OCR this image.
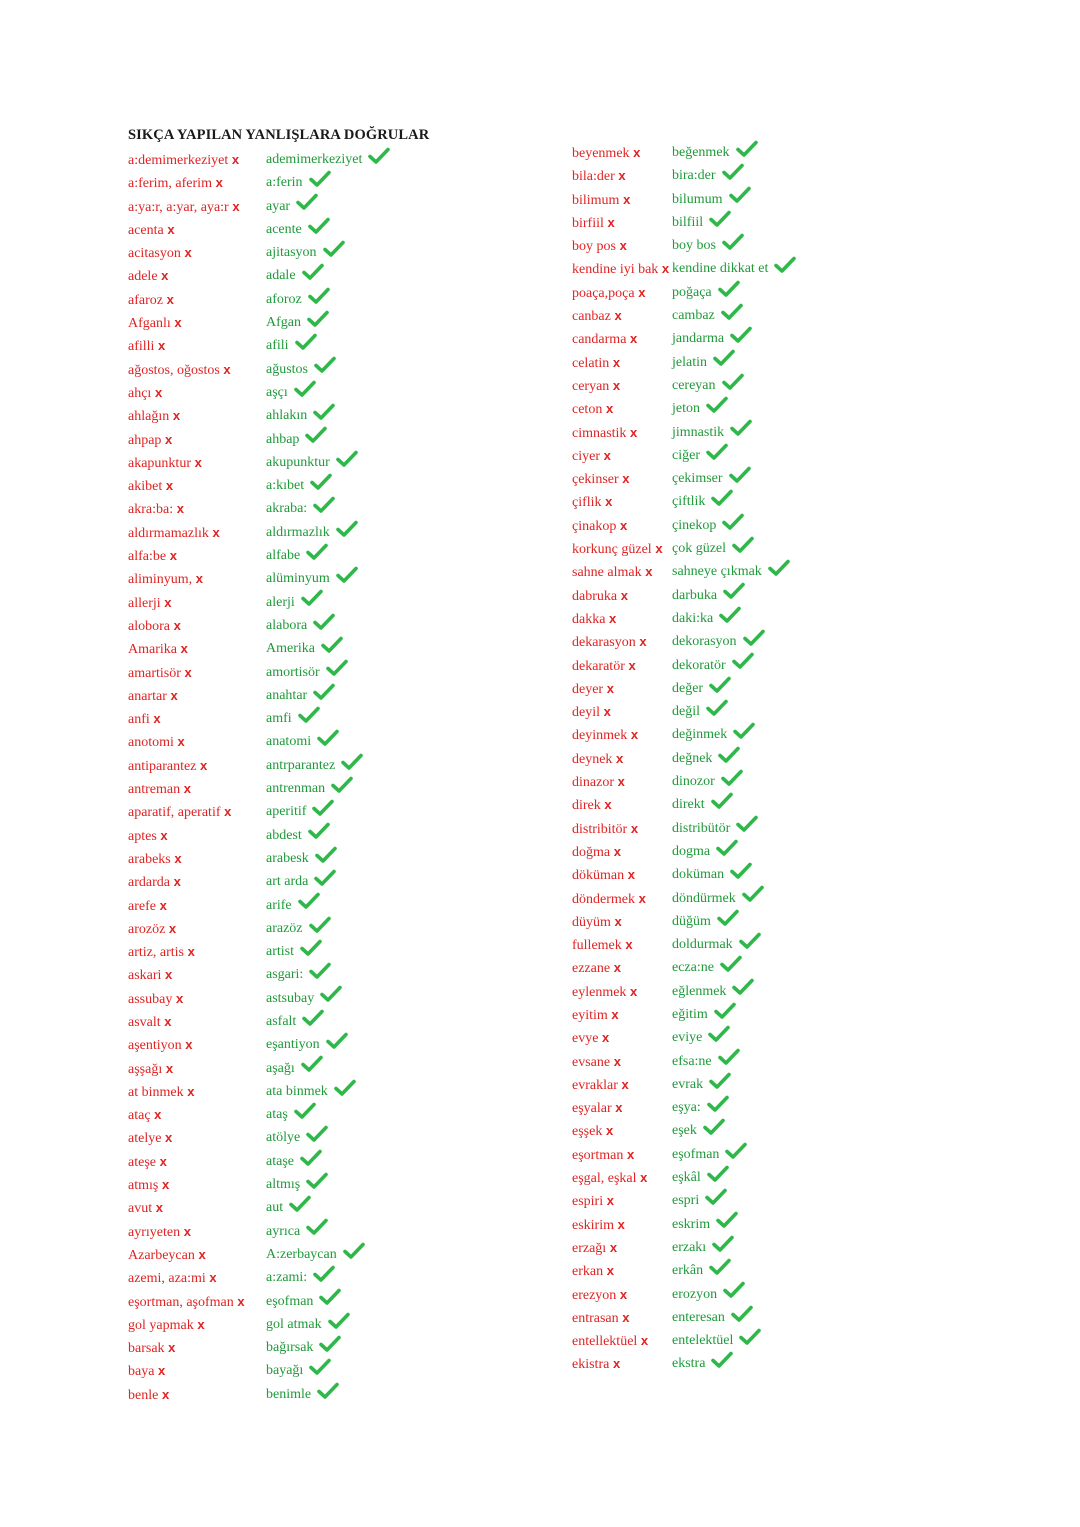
SIKÇA YAPILAN YANLIŞLARA DOĞRULAR
a:demimerkeziyet x ademimerkeziyet
a:ferim, aferim x	a:ferin
a:ya:r, a:yar, aya:r x ayar
acenta x	acente
acitasyon x	ajitasyon
adele x	adale
afaroz x	aforoz
Afganlı x	Afgan
afilli x	afili
ağostos, oğostos x	ağustos
ahçı x	aşçı
ahlağın x	ahlakın
ahpap x	ahbap
akapunktur x	akupunktur
akibet x	a:kıbet
akra:ba: x	akraba:
aldırmamazlık x	aldırmazlık
alfa:be x	alfabe
aliminyum, x	alüminyum
allerji x	alerji
alobora x	alabora
Amarika x	Amerika
amartisör x	amortisör
anartar x	anahtar
anfi x	amfi
anotomi x	anatomi
antiparantez x	antrparantez
antreman x	antrenman
aparatif, aperatif x aperitif
aptes x	abdest
arabeks x	arabesk
ardarda x	art arda
arefe x	arife
arozöz x	arazöz
artiz, artis x	artist
askari x	asgari:
assubay x	astsubay
asvalt x	asfalt
aşentiyon x	eşantiyon
aşşağı x	aşağı
at binmek x	ata binmek
ataç x	ataş
atelye x	atölye
ateşe x	ataşe
atmış x	altmış
avut x	aut
ayrıyeten x	ayrıca
Azarbeycan x	A:zerbaycan
azemi, aza:mi x	a:zami:
eşortman, aşofman x eşofman
gol yapmak x	gol atmak
barsak x	bağırsak
baya x	bayağı
benle x	benimle
beyenmek x beğenmek
bila:der x	bira:der
bilimum x	bilumum
birfiil x	bilfiil
boy pos x	boy bos
kendine iyi bak x kendine dikkat et
poaça,poça x poğaça
canbaz x	cambaz
candarma x jandarma
celatin x	jelatin
ceryan x	cereyan
ceton x	jeton
cimnastik x jimnastik
ciyer x	ciğer
çekinser x	çekimser
çiflik x	çiftlik
çinakop x	çinekop
korkunç güzel x çok güzel
sahne almak x sahneye çıkmak
dabruka x	darbuka
dakka x	daki:ka
dekarasyon x dekorasyon
dekaratör x	dekoratör
deyer x	değer
deyil x	değil
deyinmek x değinmek
deynek x	değnek
dinazor x	dinozor
direk x	direkt
distribitör x distribütör
doğma x	dogma
döküman x	doküman
döndermek x döndürmek
düyüm x	düğüm
fullemek x	doldurmak
ezzane x	ecza:ne
eylenmek x eğlenmek
eyitim x	eğitim
evye x	eviye
evsane x	efsa:ne
evraklar x	evrak
eşyalar x	eşya:
eşşek x	eşek
eşortman x	eşofman
eşgal, eşkal x eşkâl
espiri x	espri
eskirim x	eskrim
erzağı x	erzakı
erkan x	erkân
erezyon x	erozyon
entrasan x	enteresan
entellektüel x entelektüel
ekistra x	ekstra
